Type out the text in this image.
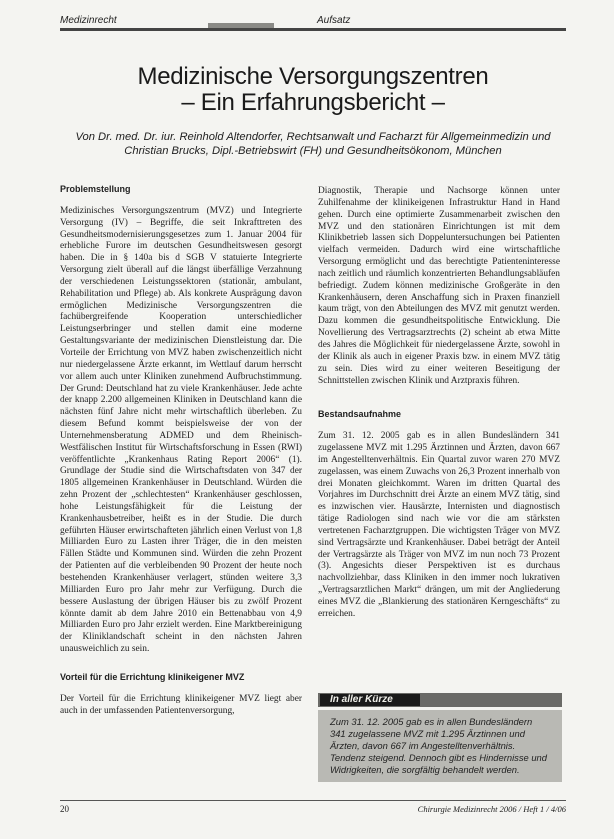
Medizinrecht	Aufsatz
Medizinische Versorgungszentren
– Ein Erfahrungsbericht –
Von Dr. med. Dr. iur. Reinhold Altendorfer, Rechtsanwalt und Facharzt für Allgemeinmedizin und Christian Brucks, Dipl.-Betriebswirt (FH) und Gesundheitsökonom, München
Problemstellung

Medizinisches Versorgungszentrum (MVZ) und Integrierte Versorgung (IV) – Begriffe, die seit Inkrafttreten des Gesundheitsmodernisierungsgesetzes zum 1. Januar 2004 für erhebliche Furore im deutschen Gesundheitswesen gesorgt haben. Die in § 140a bis d SGB V statuierte Integrierte Versorgung zielt überall auf die längst überfällige Verzahnung der verschiedenen Leistungssektoren (stationär, ambulant, Rehabilitation und Pflege) ab. Als konkrete Ausprägung davon ermöglichen Medizinische Versorgungszentren die fachübergreifende Kooperation unterschiedlicher Leistungserbringer und stellen damit eine moderne Gestaltungsvariante der medizinischen Dienstleistung dar. Die Vorteile der Errichtung von MVZ haben zwischenzeitlich nicht nur niedergelassene Ärzte erkannt, im Wettlauf darum herrscht vor allem auch unter Kliniken zunehmend Aufbruchstimmung. Der Grund: Deutschland hat zu viele Krankenhäuser. Jede achte der knapp 2.200 allgemeinen Kliniken in Deutschland kann die nächsten fünf Jahre nicht mehr wirtschaftlich überleben. Zu diesem Befund kommt beispielsweise der von der Unternehmensberatung ADMED und dem Rheinisch-Westfälischen Institut für Wirtschaftsforschung in Essen (RWI) veröffentlichte „Krankenhaus Rating Report 2006“ (1). Grundlage der Studie sind die Wirtschaftsdaten von 347 der 1805 allgemeinen Krankenhäuser in Deutschland. Würden die zehn Prozent der „schlechtesten“ Krankenhäuser geschlossen, hohe Leistungsfähigkeit für die Leistung der Krankenhausbetreiber, heißt es in der Studie. Die durch geführten Häuser erwirtschafteten jährlich einen Verlust von 1,8 Milliarden Euro zu Lasten ihrer Träger, die in den meisten Fällen Städte und Kommunen sind. Würden die zehn Prozent der Patienten auf die verbleibenden 90 Prozent der heute noch bestehenden Krankenhäuser verlagert, stünden weitere 3,3 Milliarden Euro pro Jahr mehr zur Verfügung. Durch die bessere Auslastung der übrigen Häuser bis zu zwölf Prozent könnte damit ab dem Jahre 2010 ein Bettenabbau von 4,9 Milliarden Euro pro Jahr erzielt werden. Eine Marktbereinigung der Kliniklandschaft scheint in den nächsten Jahren unausweichlich zu sein.

Vorteil für die Errichtung klinikeigener MVZ

Der Vorteil für die Errichtung klinikeigener MVZ liegt aber auch in der umfassenden Patientenversorgung,

Diagnostik, Therapie und Nachsorge können unter Zuhilfenahme der klinikeigenen Infrastruktur Hand in Hand gehen. Durch eine optimierte Zusammenarbeit zwischen den MVZ und den stationären Einrichtungen ist mit dem Klinikbetrieb lassen sich Doppeluntersuchungen bei Patienten vielfach vermeiden. Dadurch wird eine wirtschaftliche Versorgung ermöglicht und das berechtigte Patienteninteresse nach zeitlich und räumlich konzentrierten Behandlungsabläufen befriedigt. Zudem können medizinische Großgeräte in den Krankenhäusern, deren Anschaffung sich in Praxen finanziell kaum trägt, von den Abteilungen des MVZ mit genutzt werden. Dazu kommen die gesundheitspolitische Entwicklung. Die Novellierung des Vertragsarztrechts (2) scheint ab etwa Mitte des Jahres die Möglichkeit für niedergelassene Ärzte, sowohl in der Klinik als auch in eigener Praxis bzw. in einem MVZ tätig zu sein. Dies wird zu einer weiteren Beseitigung der Schnittstellen zwischen Klinik und Arztpraxis führen.

Bestandsaufnahme

Zum 31. 12. 2005 gab es in allen Bundesländern 341 zugelassene MVZ mit 1.295 Ärztinnen und Ärzten, davon 667 im Angestelltenverhältnis. Ein Quartal zuvor waren 270 MVZ zugelassen, was einem Zuwachs von 26,3 Prozent innerhalb von drei Monaten gleichkommt. Waren im dritten Quartal des Vorjahres im Durchschnitt drei Ärzte an einem MVZ tätig, sind es inzwischen vier. Hausärzte, Internisten und diagnostisch tätige Radiologen sind nach wie vor die am stärksten vertretenen Facharztgruppen. Die wichtigsten Träger von MVZ sind Vertragsärzte und Krankenhäuser. Dabei beträgt der Anteil der Vertragsärzte als Träger von MVZ im nun noch 73 Prozent (3). Angesichts dieser Perspektiven ist es durchaus nachvollziehbar, dass Kliniken in den immer noch lukrativen „Vertragsarztlichen Markt“ drängen, um mit der Angliederung eines MVZ die „Blankierung des stationären Kerngeschäfts“ zu erreichen.

In aller Kürze
Zum 31. 12. 2005 gab es in allen Bundesländern 341 zugelassene MVZ mit 1.295 Ärztinnen und Ärzten, davon 667 im Angestelltenverhältnis. Tendenz steigend. Dennoch gibt es Hindernisse und Widrigkeiten, die sorgfältig behandelt werden.
20	Chirurgie Medizinrecht 2006 / Heft 1 / 4/06
